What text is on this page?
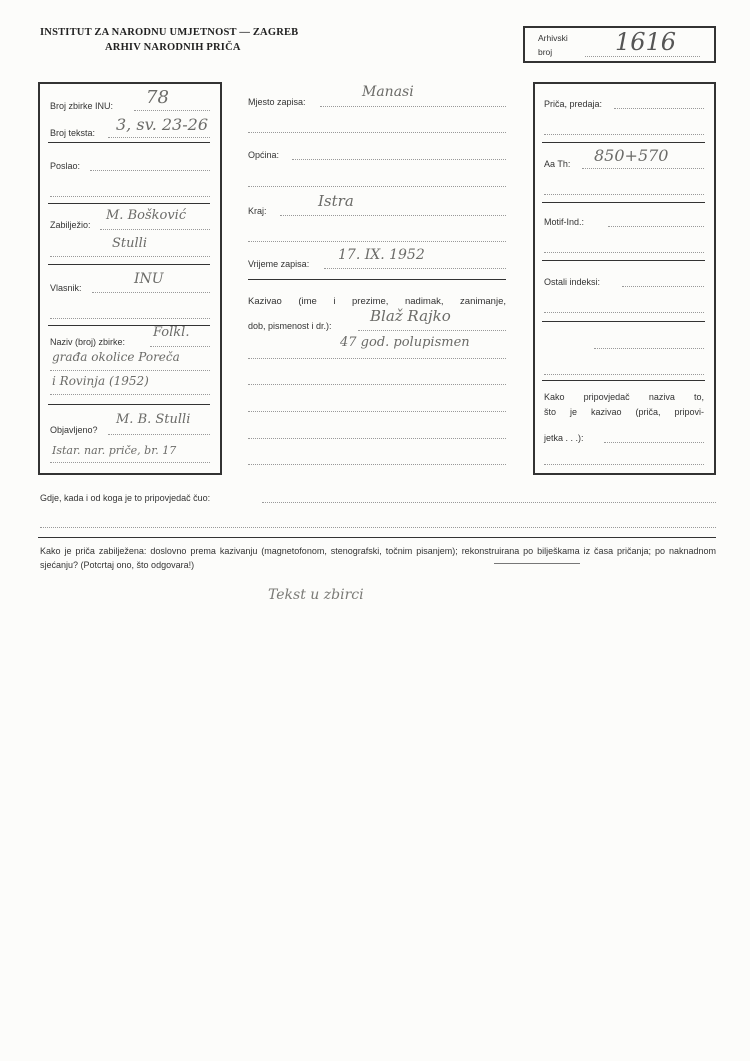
INSTITUT ZA NARODNU UMJETNOST — ZAGREB
ARHIV NARODNIH PRIČA
Arhivski
broj	1616
Broj zbirke INU: 78
Broj teksta: 3, sv. 23-26
Poslao:
Zabilježio:
M. Bošković
Stulli
Vlasnik:
INU
Naziv (broj) zbirke:
Folkl.
građa okolice Poreča
i Rovinja (1952)
Objavljeno?
M. B. Stulli
Istar. nar. priče, br. 17
Mjesto zapisa:
Manasi
Općina:
Kraj:
Istra
Vrijeme zapisa:
17. IX. 1952
Kazivao (ime i prezime, nadimak, zanimanje,
dob, pismenost i dr.):
Blaž Rajko
47 god. polupismen
Priča, predaja:
Aa Th: 850+570
Motif-Ind.:
Ostali indeksi:
Kako pripovjedač naziva to,
što je kazivao (priča, pripovi-
jetka . . .):
Gdje, kada i od koga je to pripovjedač čuo:
Kako je priča zabilježena: doslovno prema kazivanju (magnetofonom, stenografski, točnim pisanjem); rekonstruirana po bilješkama iz časa pričanja; po naknadnom sjećanju? (Potcrtaj ono, što odgovara!)
Tekst u zbirci
